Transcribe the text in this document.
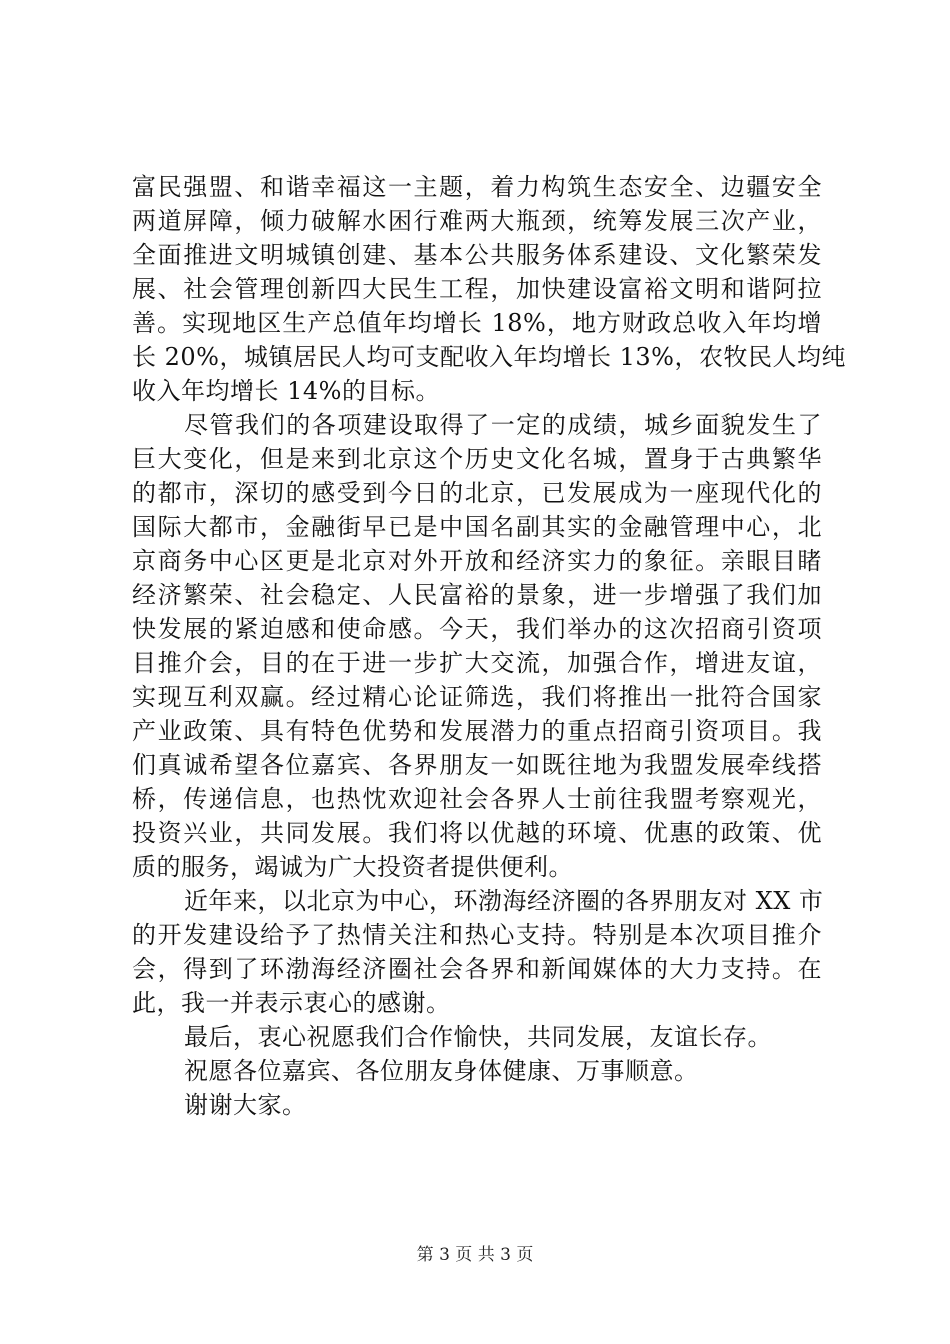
富民强盟、和谐幸福这一主题，着力构筑生态安全、边疆安全
两道屏障，倾力破解水困行难两大瓶颈，统筹发展三次产业，
全面推进文明城镇创建、基本公共服务体系建设、文化繁荣发
展、社会管理创新四大民生工程，加快建设富裕文明和谐阿拉
善。实现地区生产总值年均增长 18%，地方财政总收入年均增
长 20%，城镇居民人均可支配收入年均增长 13%，农牧民人均纯
收入年均增长 14%的目标。
尽管我们的各项建设取得了一定的成绩，城乡面貌发生了
巨大变化，但是来到北京这个历史文化名城，置身于古典繁华
的都市，深切的感受到今日的北京，已发展成为一座现代化的
国际大都市，金融街早已是中国名副其实的金融管理中心，北
京商务中心区更是北京对外开放和经济实力的象征。亲眼目睹
经济繁荣、社会稳定、人民富裕的景象，进一步增强了我们加
快发展的紧迫感和使命感。今天，我们举办的这次招商引资项
目推介会，目的在于进一步扩大交流，加强合作，增进友谊，
实现互利双赢。经过精心论证筛选，我们将推出一批符合国家
产业政策、具有特色优势和发展潜力的重点招商引资项目。我
们真诚希望各位嘉宾、各界朋友一如既往地为我盟发展牵线搭
桥，传递信息，也热忱欢迎社会各界人士前往我盟考察观光，
投资兴业，共同发展。我们将以优越的环境、优惠的政策、优
质的服务，竭诚为广大投资者提供便利。
近年来，以北京为中心，环渤海经济圈的各界朋友对 XX 市
的开发建设给予了热情关注和热心支持。特别是本次项目推介
会，得到了环渤海经济圈社会各界和新闻媒体的大力支持。在
此，我一并表示衷心的感谢。
最后，衷心祝愿我们合作愉快，共同发展，友谊长存。
祝愿各位嘉宾、各位朋友身体健康、万事顺意。
谢谢大家。
第 3 页 共 3 页
